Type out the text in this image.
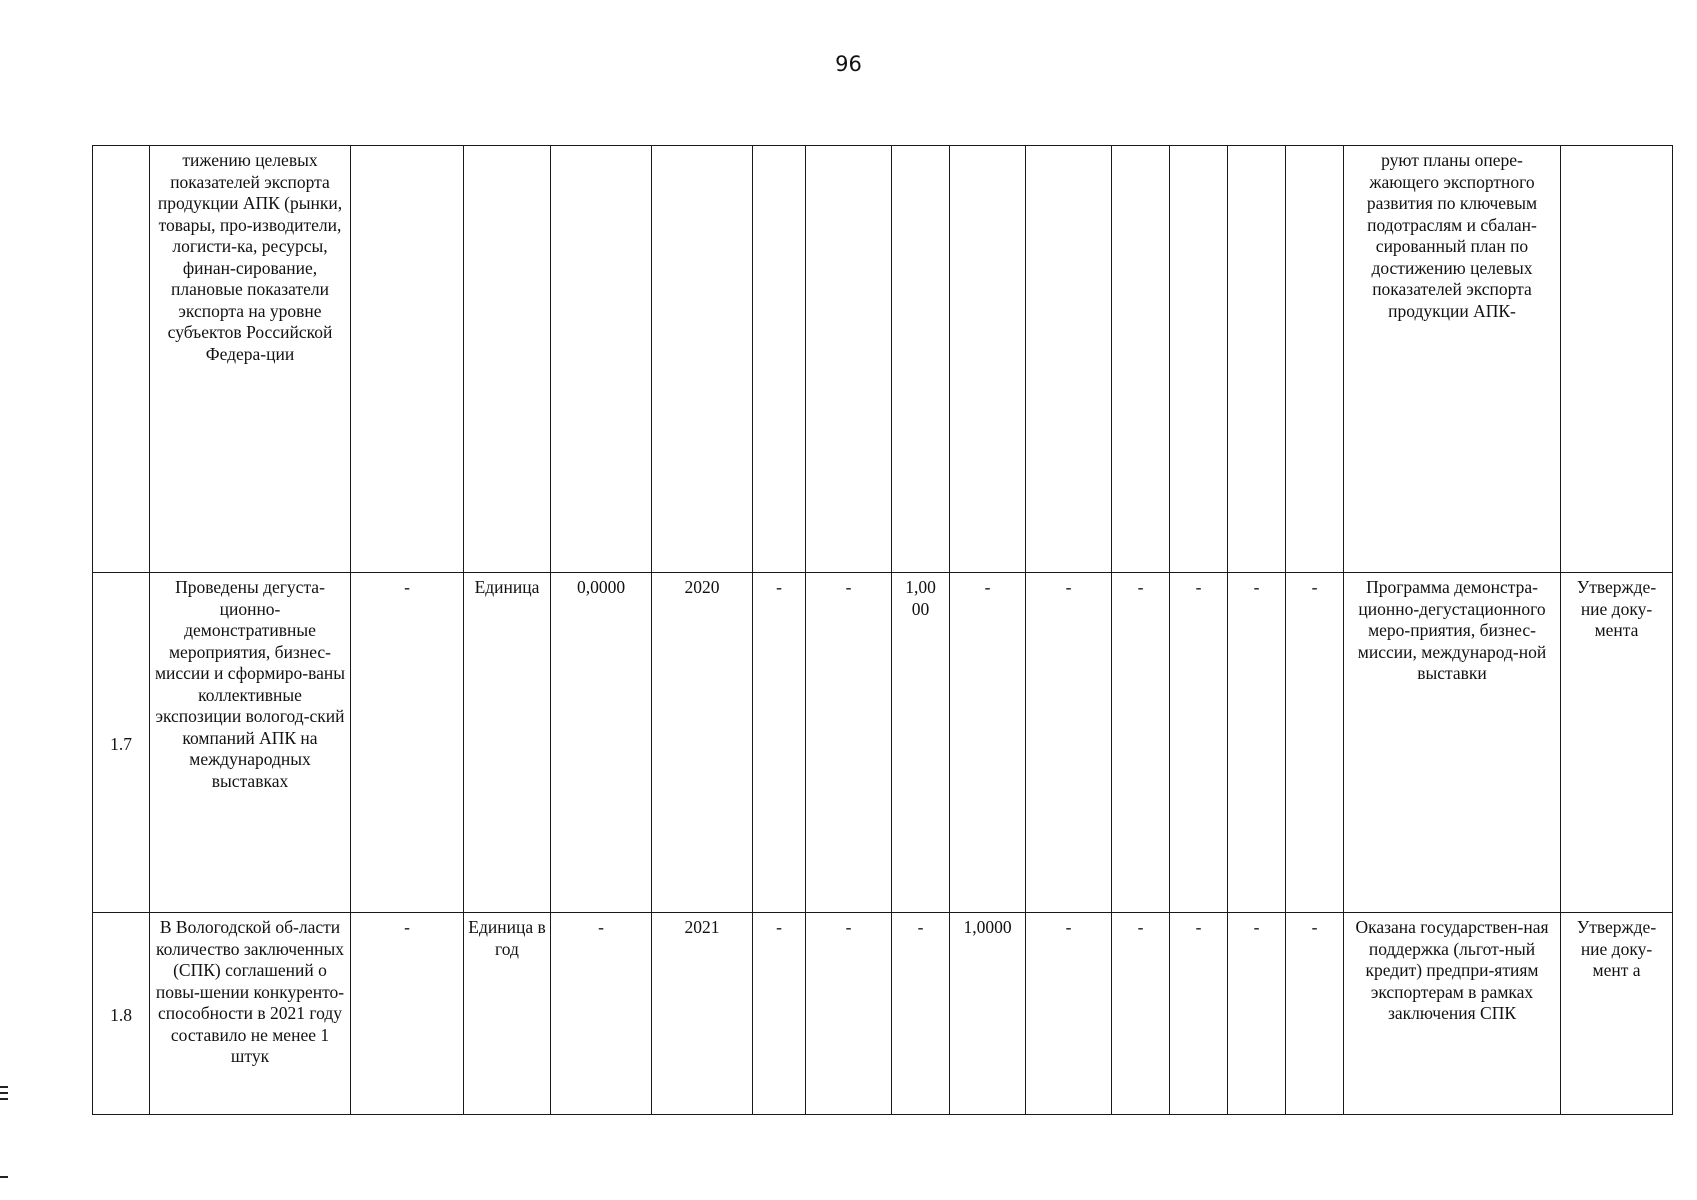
96
	тижению целевых показателей экспорта продукции АПК (рынки, товары, про-изводители, логисти-ка, ресурсы, финан-сирование, плановые показатели экспорта на уровне субъектов Российской Федера-ции														руют планы опере-жающего экспортного развития по ключевым подотраслям и сбалан-сированный план по достижению целевых показателей экспорта продукции АПК-	
1.7	Проведены дегуста-ционно-демонстративные мероприятия, бизнес-миссии и сформиро-ваны коллективные экспозиции вологод-ский компаний АПК на международных выставках	-	Единица	0,0000	2020	-	-	1,00 00	-	-	-	-	-	-	Программа демонстра-ционно-дегустационного меро-приятия, бизнес-миссии, международ-ной выставки	Утвержде-ние доку-мента
1.8	В Вологодской об-ласти количество заключенных (СПК) соглашений о повы-шении конкуренто-способности в 2021 году составило не менее 1 штук	-	Единица в год	-	2021	-	-	-	1,0000	-	-	-	-	-	Оказана государствен-ная поддержка (льгот-ный кредит) предпри-ятиям экспортерам в рамках заключения СПК	Утвержде-ние доку-мент а
